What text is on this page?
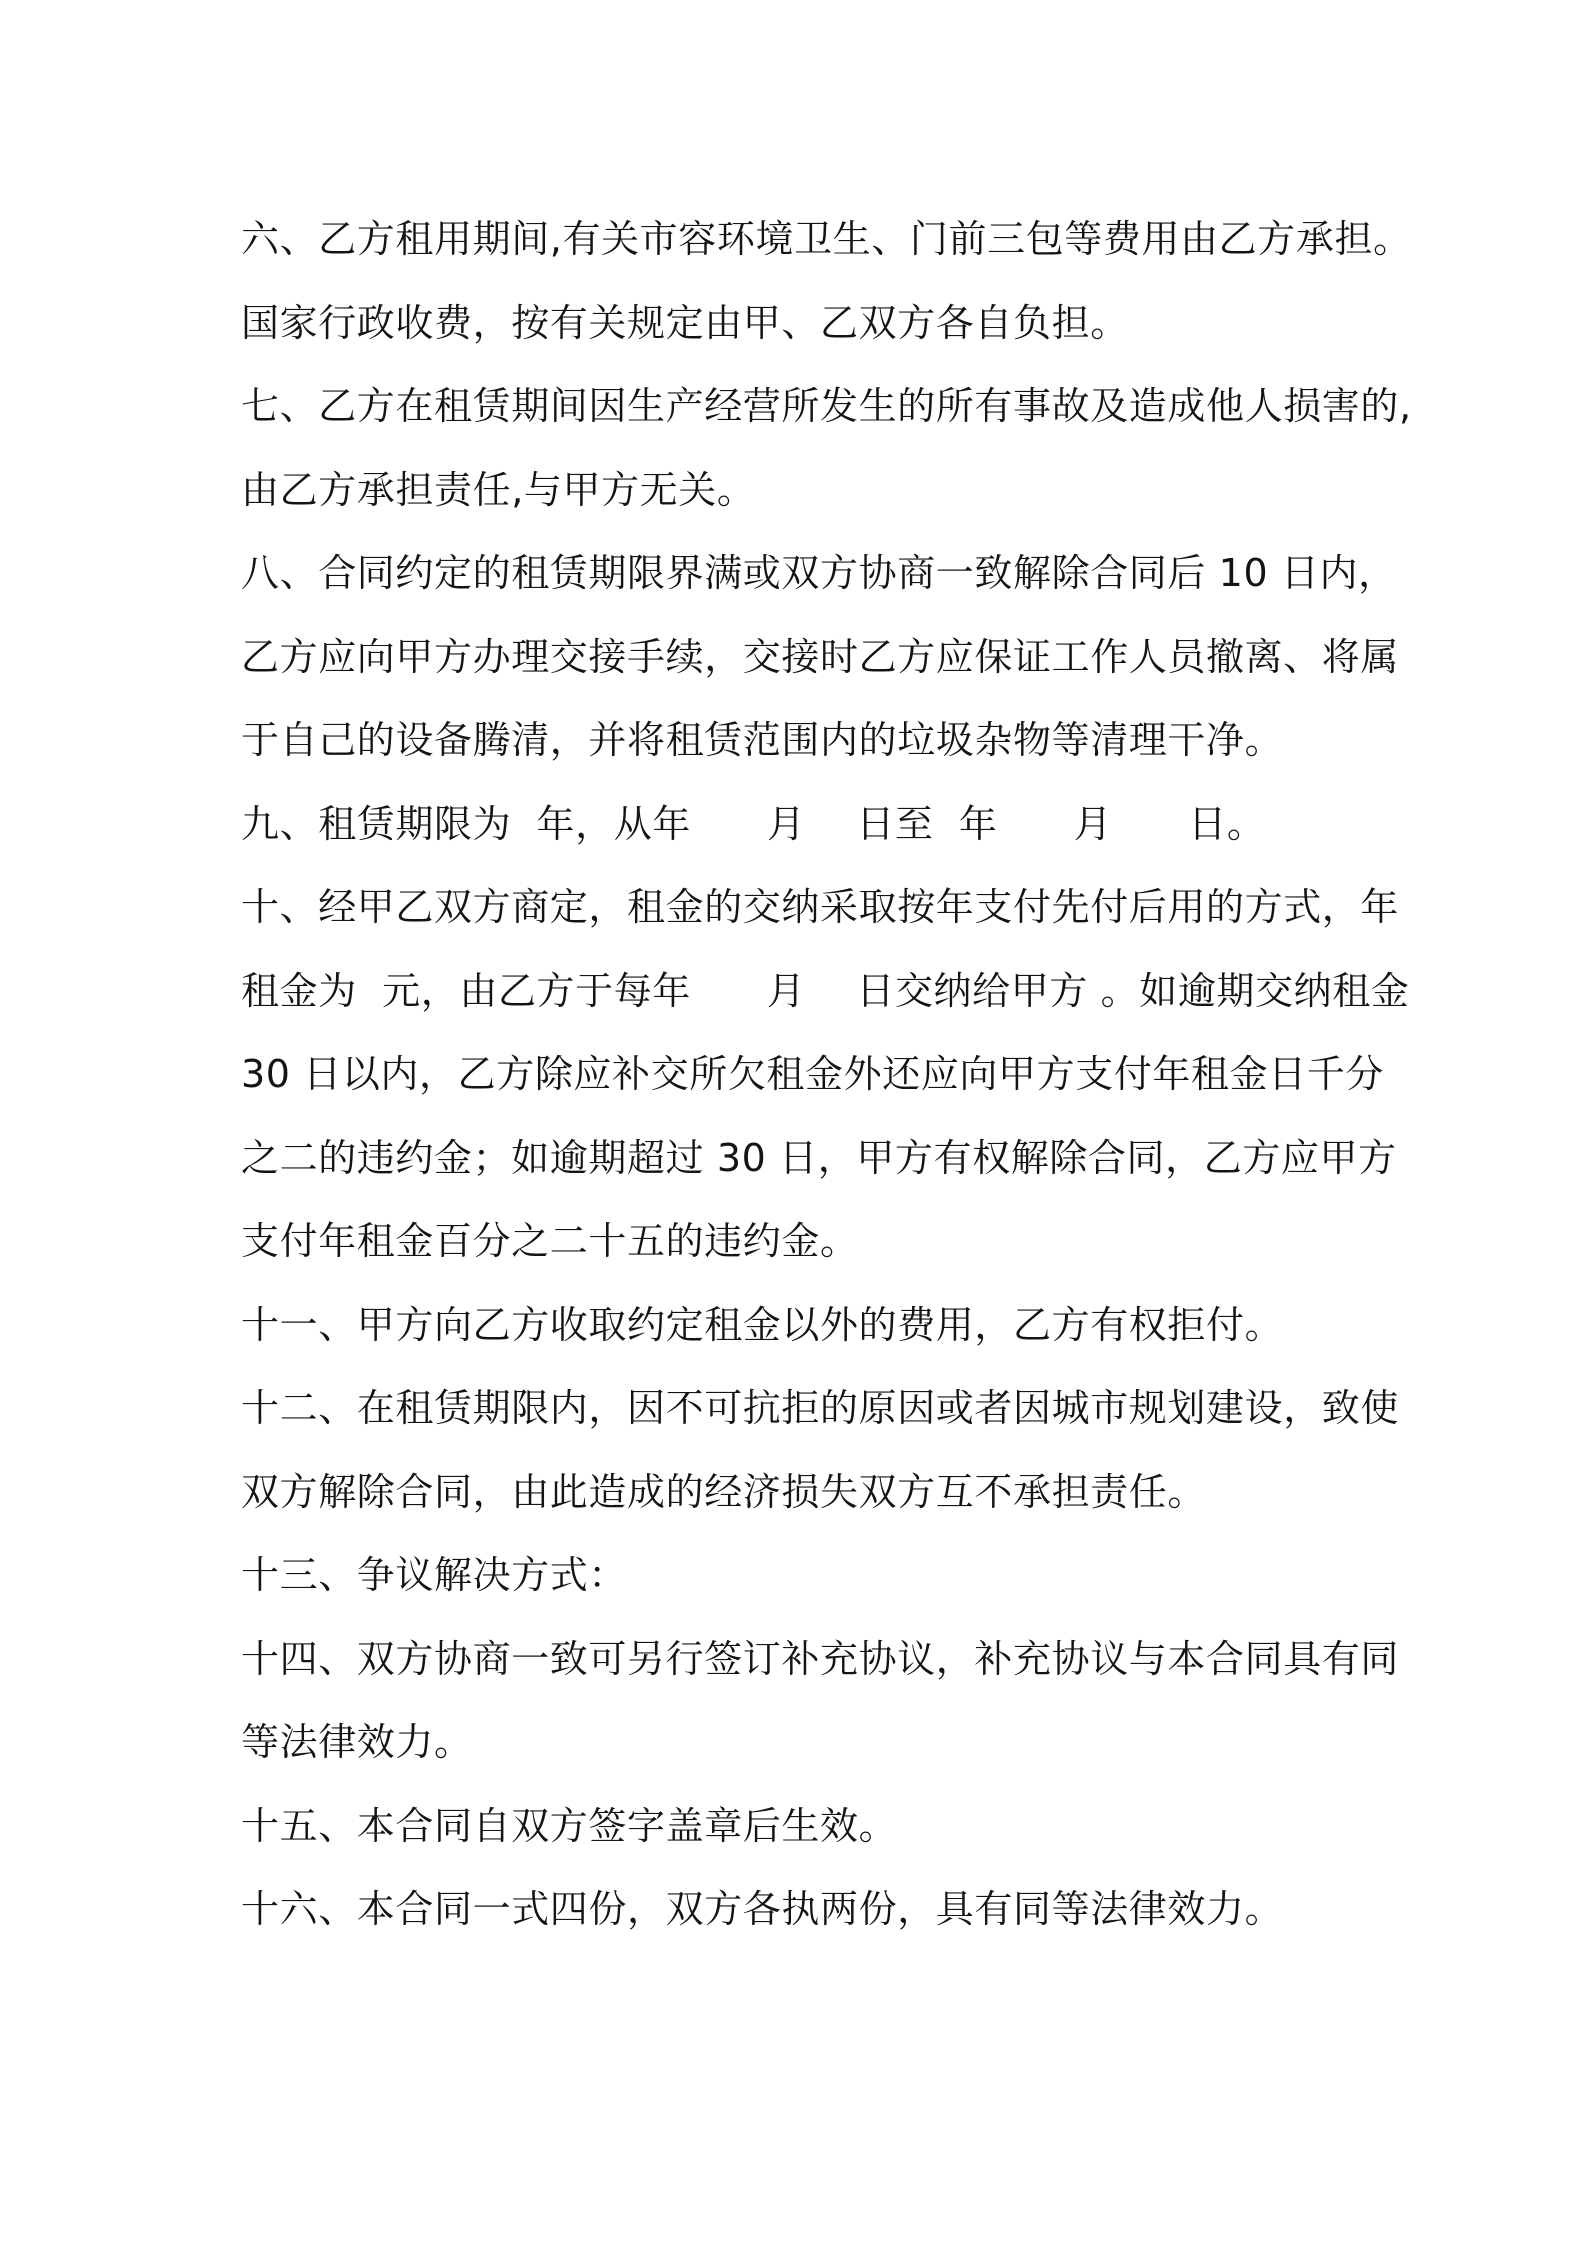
六、乙方租用期间,有关市容环境卫生、门前三包等费用由乙方承担。
国家行政收费，按有关规定由甲、乙双方各自负担。
七、乙方在租赁期间因生产经营所发生的所有事故及造成他人损害的,
由乙方承担责任,与甲方无关。
八、合同约定的租赁期限界满或双方协商一致解除合同后 10 日内，
乙方应向甲方办理交接手续，交接时乙方应保证工作人员撤离、将属
于自己的设备腾清，并将租赁范围内的垃圾杂物等清理干净。
九、租赁期限为  年，从年      月    日至  年      月      日。
十、经甲乙双方商定，租金的交纳采取按年支付先付后用的方式，年
租金为  元，由乙方于每年      月    日交纳给甲方 。如逾期交纳租金
30 日以内，乙方除应补交所欠租金外还应向甲方支付年租金日千分
之二的违约金；如逾期超过 30 日，甲方有权解除合同，乙方应甲方
支付年租金百分之二十五的违约金。
十一、甲方向乙方收取约定租金以外的费用，乙方有权拒付。
十二、在租赁期限内，因不可抗拒的原因或者因城市规划建设，致使
双方解除合同，由此造成的经济损失双方互不承担责任。
十三、争议解决方式：
十四、双方协商一致可另行签订补充协议，补充协议与本合同具有同
等法律效力。
十五、本合同自双方签字盖章后生效。
十六、本合同一式四份，双方各执两份，具有同等法律效力。
